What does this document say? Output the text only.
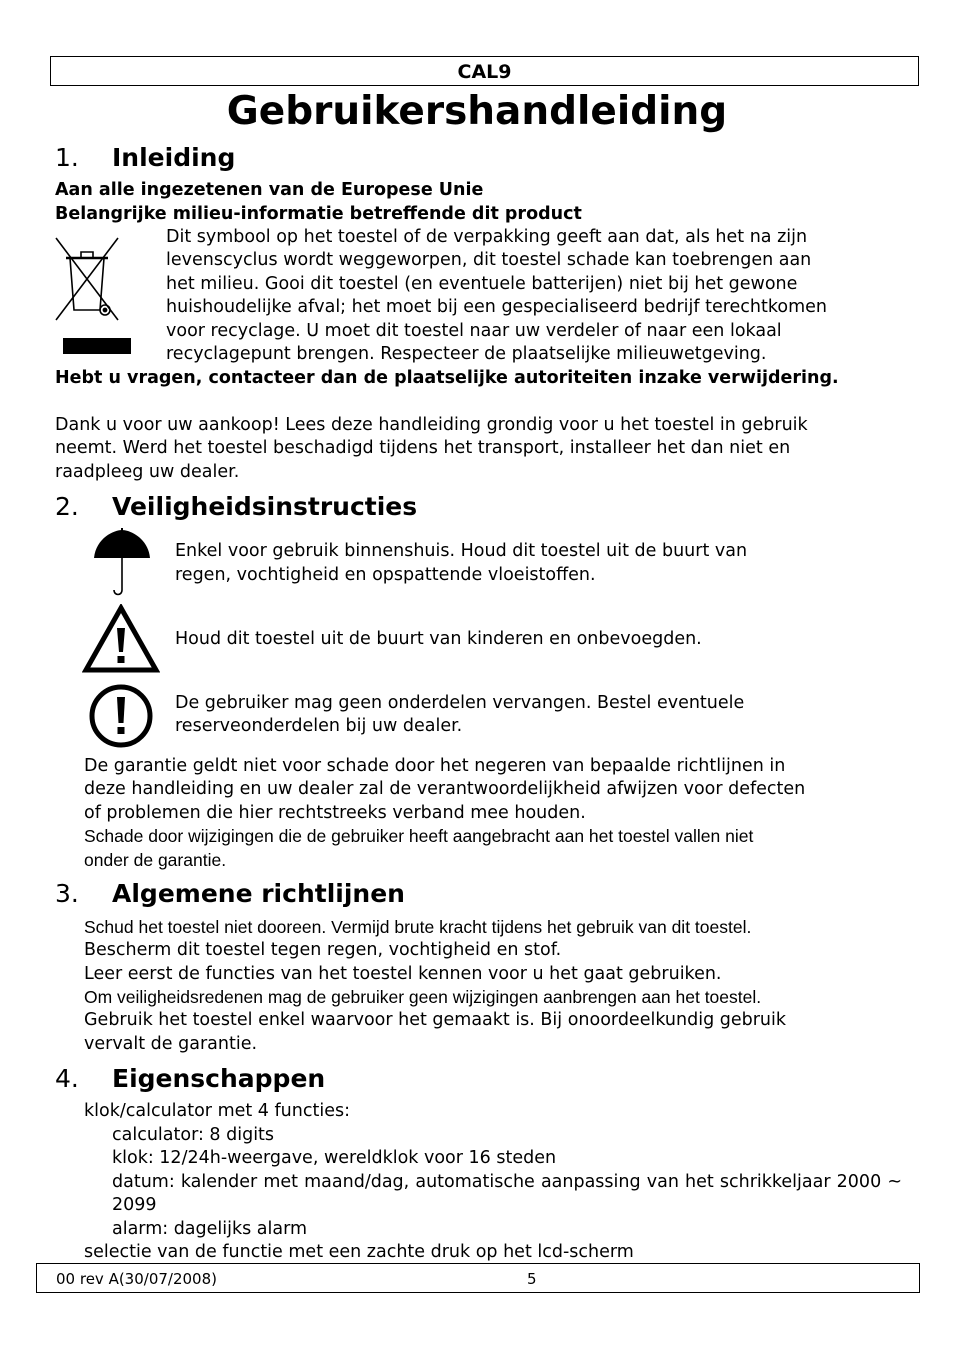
CAL9
Gebruikershandleiding
1. Inleiding
Aan alle ingezetenen van de Europese Unie
Belangrijke milieu-informatie betreffende dit product
Dit symbool op het toestel of de verpakking geeft aan dat, als het na zijn
levenscyclus wordt weggeworpen, dit toestel schade kan toebrengen aan
het milieu. Gooi dit toestel (en eventuele batterijen) niet bij het gewone
huishoudelijke afval; het moet bij een gespecialiseerd bedrijf terechtkomen
voor recyclage. U moet dit toestel naar uw verdeler of naar een lokaal
recyclagepunt brengen. Respecteer de plaatselijke milieuwetgeving.
Hebt u vragen, contacteer dan de plaatselijke autoriteiten inzake verwijdering.
Dank u voor uw aankoop! Lees deze handleiding grondig voor u het toestel in gebruik
neemt. Werd het toestel beschadigd tijdens het transport, installeer het dan niet en
raadpleeg uw dealer.
2. Veiligheidsinstructies
Enkel voor gebruik binnenshuis. Houd dit toestel uit de buurt van
regen, vochtigheid en opspattende vloeistoffen.
Houd dit toestel uit de buurt van kinderen en onbevoegden.
De gebruiker mag geen onderdelen vervangen. Bestel eventuele
reserveonderdelen bij uw dealer.
De garantie geldt niet voor schade door het negeren van bepaalde richtlijnen in
deze handleiding en uw dealer zal de verantwoordelijkheid afwijzen voor defecten
of problemen die hier rechtstreeks verband mee houden.
Schade door wijzigingen die de gebruiker heeft aangebracht aan het toestel vallen niet
onder de garantie.
3. Algemene richtlijnen
Schud het toestel niet dooreen. Vermijd brute kracht tijdens het gebruik van dit toestel.
Bescherm dit toestel tegen regen, vochtigheid en stof.
Leer eerst de functies van het toestel kennen voor u het gaat gebruiken.
Om veiligheidsredenen mag de gebruiker geen wijzigingen aanbrengen aan het toestel.
Gebruik het toestel enkel waarvoor het gemaakt is. Bij onoordeelkundig gebruik
vervalt de garantie.
4. Eigenschappen
klok/calculator met 4 functies:
calculator: 8 digits
klok: 12/24h-weergave, wereldklok voor 16 steden
datum: kalender met maand/dag, automatische aanpassing van het schrikkeljaar 2000 ~ 2099
alarm: dagelijks alarm
selectie van de functie met een zachte druk op het lcd-scherm
00 rev A(30/07/2008)	5
